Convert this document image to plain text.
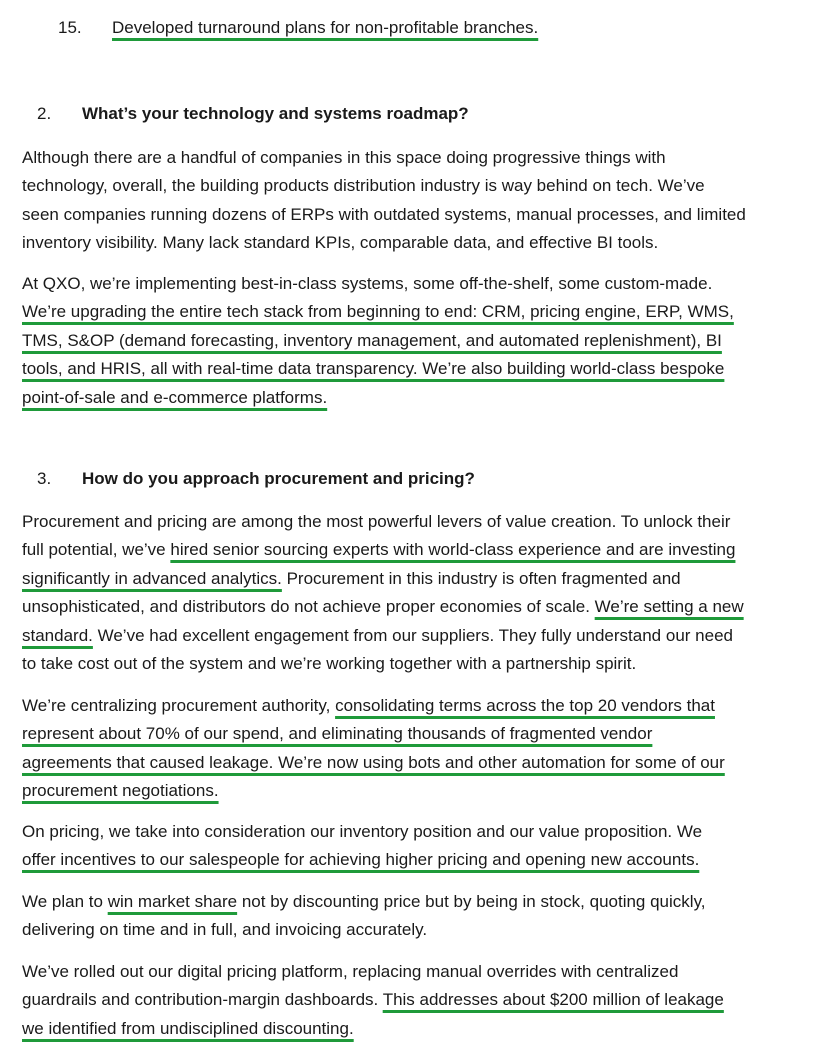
15. Developed turnaround plans for non-profitable branches.
2. What’s your technology and systems roadmap?

Although there are a handful of companies in this space doing progressive things with
technology, overall, the building products distribution industry is way behind on tech. We’ve
seen companies running dozens of ERPs with outdated systems, manual processes, and limited
inventory visibility. Many lack standard KPIs, comparable data, and effective BI tools.

At QXO, we’re implementing best-in-class systems, some off-the-shelf, some custom-made.
We’re upgrading the entire tech stack from beginning to end: CRM, pricing engine, ERP, WMS,
TMS, S&OP (demand forecasting, inventory management, and automated replenishment), BI
tools, and HRIS, all with real-time data transparency. We’re also building world-class bespoke
point-of-sale and e-commerce platforms.

3. How do you approach procurement and pricing?

Procurement and pricing are among the most powerful levers of value creation. To unlock their
full potential, we’ve hired senior sourcing experts with world-class experience and are investing
significantly in advanced analytics. Procurement in this industry is often fragmented and
unsophisticated, and distributors do not achieve proper economies of scale. We’re setting a new
standard. We’ve had excellent engagement from our suppliers. They fully understand our need
to take cost out of the system and we’re working together with a partnership spirit.

We’re centralizing procurement authority, consolidating terms across the top 20 vendors that
represent about 70% of our spend, and eliminating thousands of fragmented vendor
agreements that caused leakage. We’re now using bots and other automation for some of our
procurement negotiations.

On pricing, we take into consideration our inventory position and our value proposition. We
offer incentives to our salespeople for achieving higher pricing and opening new accounts.

We plan to win market share not by discounting price but by being in stock, quoting quickly,
delivering on time and in full, and invoicing accurately.

We’ve rolled out our digital pricing platform, replacing manual overrides with centralized
guardrails and contribution-margin dashboards. This addresses about $200 million of leakage
we identified from undisciplined discounting.
